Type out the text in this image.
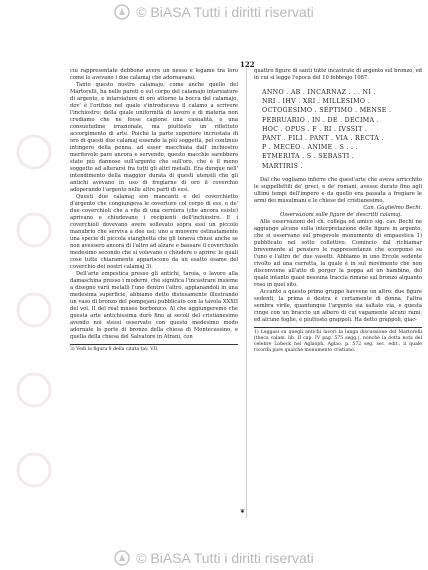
© BiASA Tutti i diritti riservati
122

cui rappresentate debbono avere un nesso e legame tra loro come lo avevano i due calamaj che adornavano.

Tanto questo nostro calamajo, come anche quello del Martorelli, ha nelle pareti o sul corpo del calamajo intarsiature di argento, e intarsiature di oro attorno la bocca del calamajo, dov' è l'orifizio nel quale s'introduceva il calamo a scrivere l'inchiostro; della quale uniformità di lavoro e di materia non crediamo che ne fosse cagione una casualità, o una consuetudine irrazionale, ma piuttosto un riflettuto accorgimento di arte. Poichè la parte superiore incrostata di oro di questi due calamaj essendo la più soggetta, pel continuo intingere della penna, ad esser macchiata dall' inchiostro meritevole pare ancora e servendo, questo macchie sarebbero state più dannose sull'argento che sull'oro, che è il meno soggetto ad alterarsi fra tutti gli altri metalli. Era dunque nell' intendimento della maggior durata di questi utensili che gli antichi avevano in uso di fregiarne di oro il coverchio adoperando l'argento nelle altre parti di essi.

Questi due calamaj son mancanti e del coverchietto d'argento che congiungeva le coverture col corpo di ess, e de' due coverchioli che a vite di una cerniera (che ancora esiste) aprivano e chiudevano i recipienti dell'inchiostro. E i coverchioli dovevano avere sollevato sopra essi un piccolo manubrio che serviva a dee usi; uno a muovere ostinatamente una specie di piccola stanghetta che gli teneva chiusi anche se non avessero ancora di l'altro ad alzare e bassare il coverchiolo medesimo secondo che si volevano o chiudere o aprire: le quali cose tutte chiaramente appariscono da un esatto esame del coverchio dei nostri calamaj 3).

Dell'arte empestica presso gli antichi, taroia, o lavoro alla damaschina presso i moderni, che significa l'incastrare insieme a disegno varii metalli l'uno dentro l'altro, appianandoli in una medesima superficie, abbiamo detto distesamente illustrando un vaso di bronzo del pompejani pubblicato con la tavola XXXII del vol. II del real museo borbonico. Al che aggiungeremo che questa arte antichissima durò fino ai secoli del cristianesimo avendo noi stessi osservato con questo medesimo modo adornate le porte di bronzo della chiesa di Montecassino, e quella della chiesa del Salvatore in Atrani, con

3) Vedi la figura 8 della citata tav. VII.

quattro figure di santi tutte incastrate di argento sul bronzo, ed in cui si legge l'epoca del 10 febbrajo 1087.

ANNO . AB . INCARNAZ . . . NI .
NRI . IHV . XRI . MILLESIMO .
OCTOGESIMO . SEPTIMO . MENSE .
FEBRUARIO . IN . DE . DECIMA .
HOC . OPUS . F . RI . IVSSIT .
PANT . FILI . PANT . VIA . RECTA .
P . MECEO . ANIME . S . . .
ETMERITA . S . SEBASTI .
MARTIRIS .

Dal che vogliamo inferre che quest'arte che aveva arricchito le suppellettili de' greci, e de' romani, avesse durato fino agli ultimi tempi dell'impero e da quello era passata a fregiare le armi dei musulmani e le chiese del cristianesimo.

Can. Guglielmo Bechi.

Osservazioni sulle figure de' descritti calamaj.

Alle osservazioni del ch. collega ed amico sig. cav. Bechi ne aggiungo alcune sulla interpretazione delle figure in argento, che si osservano sul pregevole monumento di empaestica 1) pubblicato nel sotto collettivo. Comincio dal richiamar brevemente al pensiero le rappresentanze che scorgonsi su l'uno e l'altro de' due vasetti. Abbiamo in uno Ercole sedente rivolto ad una cerretta, la quale è in sul movimento che non disconviene all'atto di porger la poppa ad un bambino, del quale intanto quasi nessuna traccia rimane sul bronzo alquanto roso in quel sito.

Accanto a questo primo gruppo havvene un altro: due figure sedenti, la prima è destra è certamente di donna, l'altra sembra virile, quantunque l'argento sia saltato via, e questa cinge con un braccio un albero di cui vagamente alcuni rami, ed alcune foglie, e piuttosto grappoli. Ha detto grappoli, giac-

1) Leggasi su quegli antichi lavori la lunga discussione del Martorelli (theca calam. lib. II cap. IV pag. 575 segg.), nonchè la dotta nota del celebre Lobeck nel Aglaoph. Aglao. p. 572 seg. sec. edit., il quale ricorda pure qualche monumento cristiano.
❦
© BiASA Tutti i diritti riservati
